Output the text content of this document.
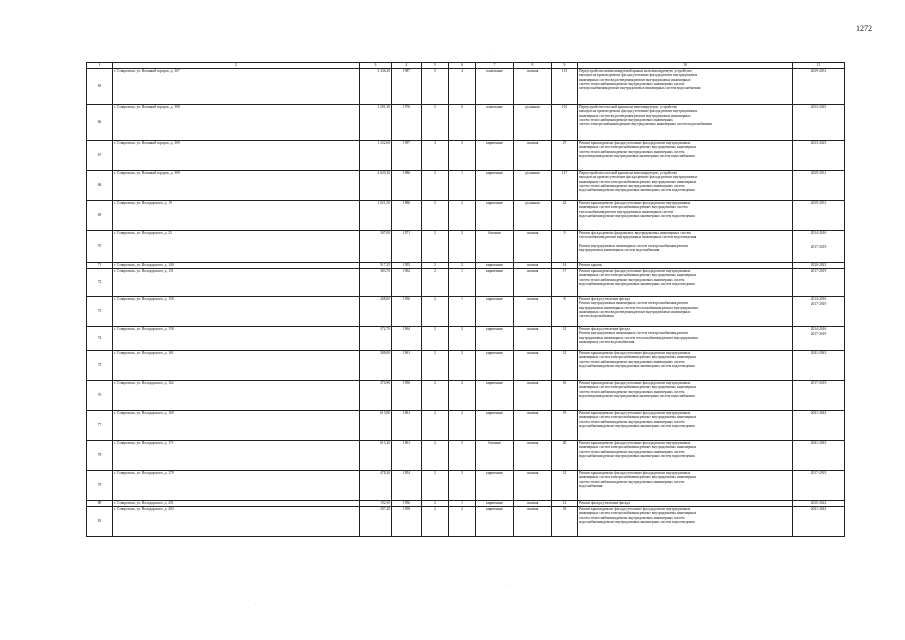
1272
1	2	3	4	5	6	7	8	9	10	11
65	г. Ставрополь, ул. Военный городок, д. 307	3 336,30	1987	5	4	панельные	скатная	115	Переустройство невентилируемой крыши на вентилируемую, устройство
выходов на кровлю;ремонт фасада;утепление фасада;ремонт внутридомовых
инженерных систем водоотведения;ремонт внутридомовых инженерных
систем теплоснабжения;ремонт внутридомовых инженерных систем
электроснабжения;ремонт внутридомовых инженерных систем водоснабжения	2029-2031

66	г. Ставрополь, ул. Военный городок, д. 308	1 291,30	1976	5	6	панельные	рулонная	101	Переустройство плоской крыши на вентилируемую, устройство
выходов на кровлю;ремонт фасада;утепление фасада;ремонт внутридомовых
инженерных систем водоотведения;ремонт внутридомовых инженерных
систем теплоснабжения;ремонт внутридомовых инженерных
систем электроснабжения;ремонт внутридомовых инженерных систем водоснабжения	2023-2025

67	г. Ставрополь, ул. Военный городок, д. 309	1 232,00	1997	3	3	кирпичные	скатная	27	Ремонт крыши;ремонт фасада;утепление фасада;ремонт внутридомовых
инженерных систем электроснабжения;ремонт внутридомовых инженерных
систем теплоснабжения;ремонт внутридомовых инженерных систем
водоотведения;ремонт внутридомовых инженерных систем водоснабжения	2023-2025

68	г. Ставрополь, ул. Военный городок, д. 309	2 620,30	1986	5	1	кирпичные	рулонная	117	Переустройство плоской крыши на вентилируемую, устройство
выходов на кровлю;утепление фасада;ремонт фасада;ремонт внутридомовых
инженерных систем электроснабжения;ремонт внутридомовых инженерных
систем теплоснабжения;ремонт внутридомовых инженерных систем
водоснабжения;ремонт внутридомовых инженерных систем водоотведения	2029-2031

69	г. Ставрополь, ул. Володарского, д. 19	1 021,50	1980	5	2	кирпичные	рулонная	42	Ремонт крыши;ремонт фасада;утепление фасада;ремонт внутридомовых
инженерных систем электроснабжения;ремонт внутридомовых систем
теплоснабжения;ремонт внутридомовых инженерных систем
водоснабжения;ремонт внутридомовых инженерных систем водоотведения	2029-2031

70	г. Ставрополь, ул. Володарского, д. 25	307,00	1971	2	2	блочные	скатная	9	Ремонт фасада;ремонт фундамента; внутридомовых инженерных систем
теплоснабжения;ремонт внутридомовых инженерных систем водоотведения

Ремонт внутридомовых инженерных систем электроснабжения;ремонт
внутридомовых инженерных систем водоснабжения	2014-2016

2017-2019

71	г. Ставрополь, ул. Володарского, д. 140	517,35	1955	2	2	кирпичные	скатная	14	Ремонт крыши	2020-2022

72	г. Ставрополь, ул. Володарского, д. 151	383,70	1962	2	1	кирпичные	скатная	17	Ремонт крыши;ремонт фасада;утепление фасада;ремонт внутридомовых
инженерных систем электроснабжения;ремонт внутридомовых инженерных
систем теплоснабжения;ремонт внутридомовых инженерных систем
водоснабжения;ремонт внутридомовых инженерных систем водоотведения	2017-2019

73	г. Ставрополь, ул. Володарского, д. 156	268,00	1956	2	1	кирпичные	скатная	8	Ремонт фасада;утепление фасада
Ремонт внутридомовых инженерных систем электроснабжения;ремонт
внутридомовых инженерных систем теплоснабжения;ремонт внутридомовых
инженерных систем водоотведения;ремонт внутридомовых инженерных
систем водоснабжения	2014-2016
2017-2019

74	г. Ставрополь, ул. Володарского, д. 158	372,70	1964	2	2	кирпичные	скатная	12	Ремонт фасада;утепление фасада
Ремонт внутридомовых инженерных систем электроснабжения;ремонт
внутридомовых инженерных систем теплоснабжения;ремонт внутридомовых
инженерных систем водоснабжения	2014-2016
2017-2019

75	г. Ставрополь, ул. Володарского, д. 161	388,00	1961	2	2	кирпичные	скатная	12	Ремонт крыши;ремонт фасада;утепление фасада;ремонт внутридомовых
инженерных систем электроснабжения;ремонт внутридомовых инженерных
систем теплоснабжения;ремонт внутридомовых инженерных систем
водоснабжения;ремонт внутридомовых инженерных систем водоотведения	2041-2043

76	г. Ставрополь, ул. Володарского, д. 162	374,90	1958	2	2	кирпичные	скатная	16	Ремонт крыши;ремонт фасада;утепление фасада;ремонт внутридомовых
инженерных систем электроснабжения;ремонт внутридомовых инженерных
систем теплоснабжения;ремонт внутридомовых инженерных систем
водоотведения;ремонт внутридомовых инженерных систем водоснабжения	2017-2019

77	г. Ставрополь, ул. Володарского, д. 169	615,80	1961	2	2	кирпичные	скатная	19	Ремонт крыши;ремонт фасада;утепление фасада;ремонт внутридомовых
инженерных систем электроснабжения;ремонт внутридомовых инженерных
систем теплоснабжения;ремонт внутридомовых инженерных систем
водоснабжения;ремонт внутридомовых инженерных систем водоотведения	2041-2043

78	г. Ставрополь, ул. Володарского, д. 171	613,20	1961	2	3	блочные	скатная	20	Ремонт крыши;ремонт фасада;утепление фасада;ремонт внутридомовых
инженерных систем электроснабжения;ремонт внутридомовых инженерных
систем теплоснабжения;ремонт внутридомовых инженерных систем
водоснабжения;ремонт внутридомовых инженерных систем водоотведения	2041-2043

79	г. Ставрополь, ул. Володарского, д. 179	478,20	1954	2	3	кирпичные	скатная	12	Ремонт крыши;ремонт фасада;утепление фасада;ремонт внутридомовых
инженерных систем электроснабжения;ремонт внутридомовых инженерных
систем теплоснабжения;ремонт внутридомовых инженерных систем
водоснабжения	2017-2019

80	г. Ставрополь, ул. Володарского, д. 201	192,50	1956	2	1	кирпичные	скатная	12	Ремонт фасада;утепление фасада	2020-2022

81	г. Ставрополь, ул. Володарского, д. 203	587,20	1958	2	2	кирпичные	скатная	18	Ремонт крыши;ремонт фасада;утепление фасада;ремонт внутридомовых
инженерных систем электроснабжения;ремонт внутридомовых инженерных
систем теплоснабжения;ремонт внутридомовых инженерных систем
водоснабжения;ремонт внутридомовых инженерных систем водоотведения	2041-2043
·
·
·
